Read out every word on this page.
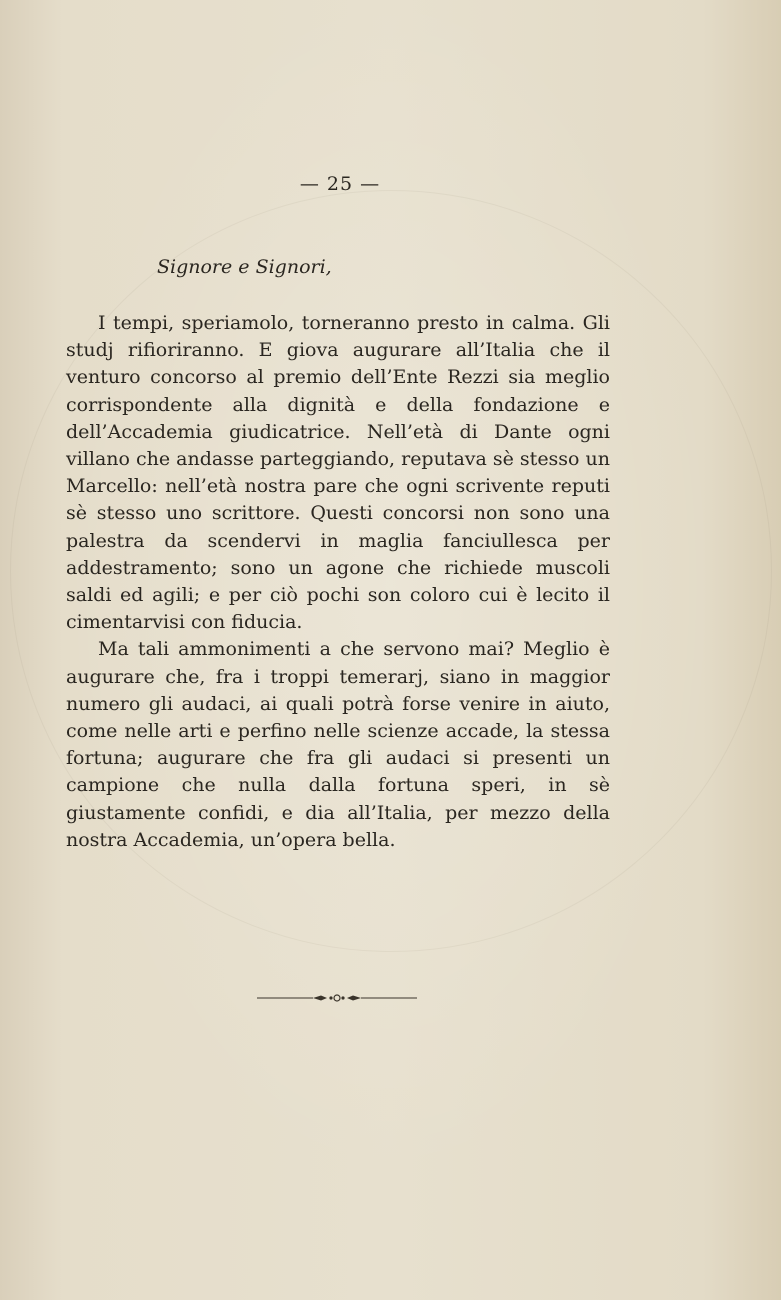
— 25 —
Signore e Signori,

I tempi, speriamolo, torneranno presto in calma. Gli studj rifioriranno. E giova augurare all’Italia che il venturo concorso al premio dell’Ente Rezzi sia meglio corrispondente alla dignità e della fondazione e dell’Accademia giudicatrice. Nell’età di Dante ogni villano che andasse parteggiando, reputava sè stesso un Marcello: nell’età nostra pare che ogni scrivente reputi sè stesso uno scrittore. Questi concorsi non sono una palestra da scendervi in maglia fanciullesca per addestramento; sono un agone che richiede muscoli saldi ed agili; e per ciò pochi son coloro cui è lecito il cimentarvisi con fiducia.

Ma tali ammonimenti a che servono mai? Meglio è augurare che, fra i troppi temerarj, siano in maggior numero gli audaci, ai quali potrà forse venire in aiuto, come nelle arti e perfino nelle scienze accade, la stessa fortuna; augurare che fra gli audaci si presenti un campione che nulla dalla fortuna speri, in sè giustamente confidi, e dia all’Italia, per mezzo della nostra Accademia, un’opera bella.
